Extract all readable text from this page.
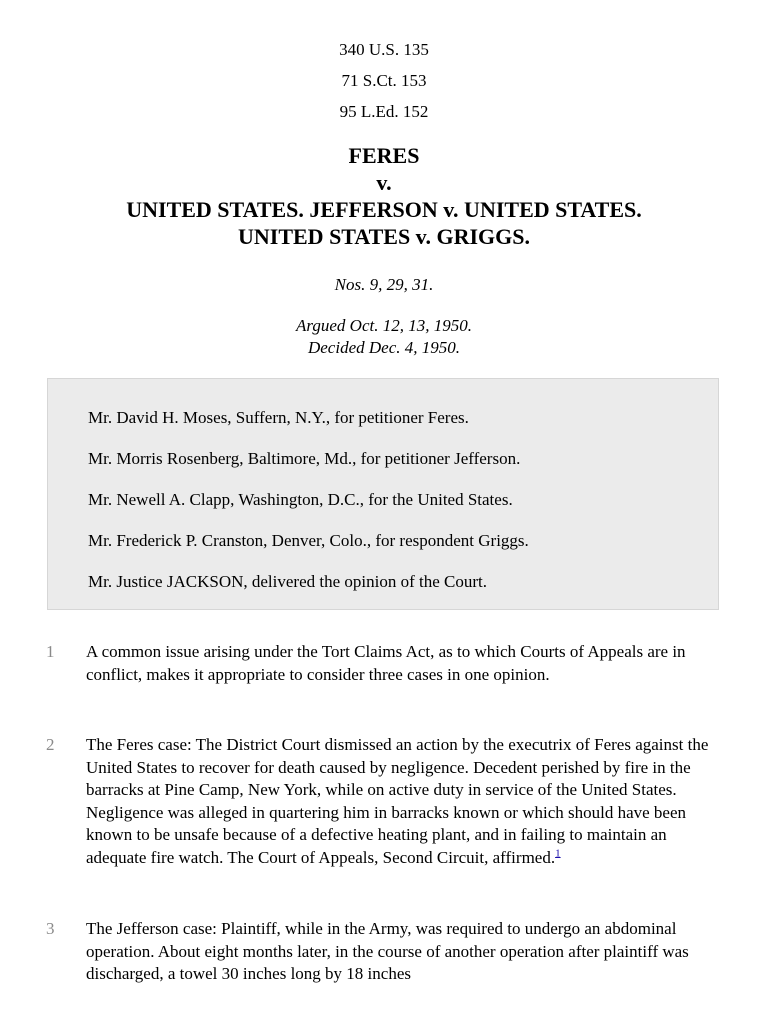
340 U.S. 135
71 S.Ct. 153
95 L.Ed. 152
FERES
v.
UNITED STATES. JEFFERSON v. UNITED STATES.
UNITED STATES v. GRIGGS.
Nos. 9, 29, 31.
Argued Oct. 12, 13, 1950.
Decided Dec. 4, 1950.
Mr. David H. Moses, Suffern, N.Y., for petitioner Feres.
Mr. Morris Rosenberg, Baltimore, Md., for petitioner Jefferson.
Mr. Newell A. Clapp, Washington, D.C., for the United States.
Mr. Frederick P. Cranston, Denver, Colo., for respondent Griggs.
Mr. Justice JACKSON, delivered the opinion of the Court.
1 A common issue arising under the Tort Claims Act, as to which Courts of Appeals are in conflict, makes it appropriate to consider three cases in one opinion.
2 The Feres case: The District Court dismissed an action by the executrix of Feres against the United States to recover for death caused by negligence. Decedent perished by fire in the barracks at Pine Camp, New York, while on active duty in service of the United States. Negligence was alleged in quartering him in barracks known or which should have been known to be unsafe because of a defective heating plant, and in failing to maintain an adequate fire watch. The Court of Appeals, Second Circuit, affirmed.$^1$
3 The Jefferson case: Plaintiff, while in the Army, was required to undergo an abdominal operation. About eight months later, in the course of another operation after plaintiff was discharged, a towel 30 inches long by 18 inches
